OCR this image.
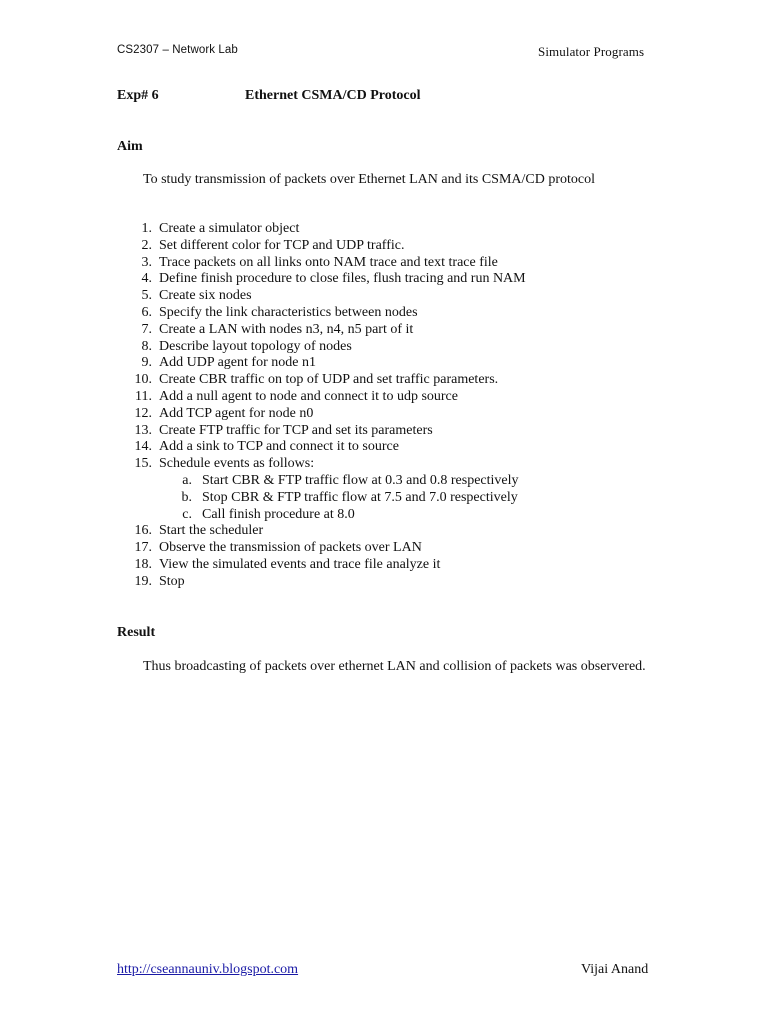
CS2307 – Network Lab	Simulator Programs
Exp# 6	Ethernet CSMA/CD Protocol
Aim
To study transmission of packets over Ethernet LAN and its CSMA/CD protocol
1. Create a simulator object
2. Set different color for TCP and UDP traffic.
3. Trace packets on all links onto NAM trace and text trace file
4. Define finish procedure to close files, flush tracing and run NAM
5. Create six nodes
6. Specify the link characteristics between nodes
7. Create a LAN with nodes n3, n4, n5 part of it
8. Describe layout topology of nodes
9. Add UDP agent for node n1
10. Create CBR traffic on top of UDP and set traffic parameters.
11. Add a null agent to node and connect it to udp source
12. Add TCP agent for node n0
13. Create FTP traffic for TCP and set its parameters
14. Add a sink to TCP and connect it to source
15. Schedule events as follows:
a. Start CBR & FTP traffic flow at 0.3 and 0.8 respectively
b. Stop CBR & FTP traffic flow at 7.5 and 7.0 respectively
c. Call finish procedure at 8.0
16. Start the scheduler
17. Observe the transmission of packets over LAN
18. View the simulated events and trace file analyze it
19. Stop
Result
Thus broadcasting of packets over ethernet LAN and collision of packets was observered.
http://cseannauniv.blogspot.com	Vijai Anand
